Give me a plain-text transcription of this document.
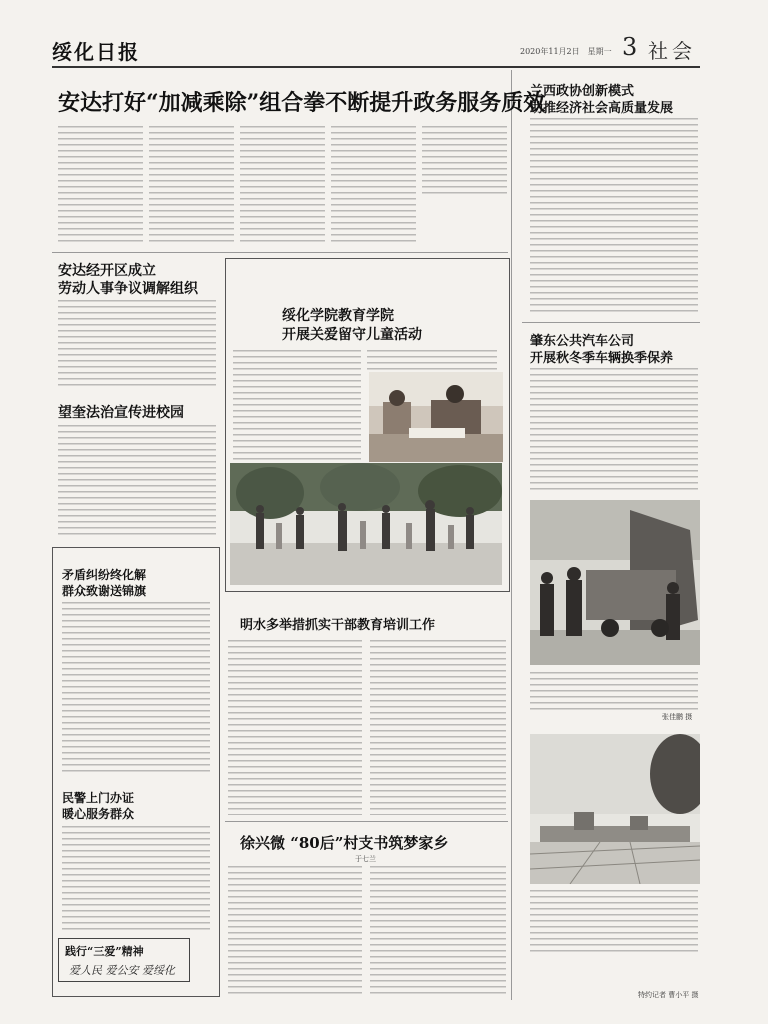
绥化日报	2020年11月2日　星期一 3 社会
安达打好“加减乘除”组合拳不断提升政务服务质效
安达经开区成立
劳动人事争议调解组织
望奎法治宣传进校园
矛盾纠纷终化解
群众致谢送锦旗
民警上门办证
暖心服务群众
践行“三爱”精神
爱人民 爱公安 爱绥化
绥化学院教育学院
开展关爱留守儿童活动
明水多举措抓实干部教育培训工作
徐兴微 “80后”村支书筑梦家乡
于七兰
兰西政协创新模式
助推经济社会高质量发展
肇东公共汽车公司
开展秋冬季车辆换季保养
张佳鹏 摄
特约记者 曹小平 摄
